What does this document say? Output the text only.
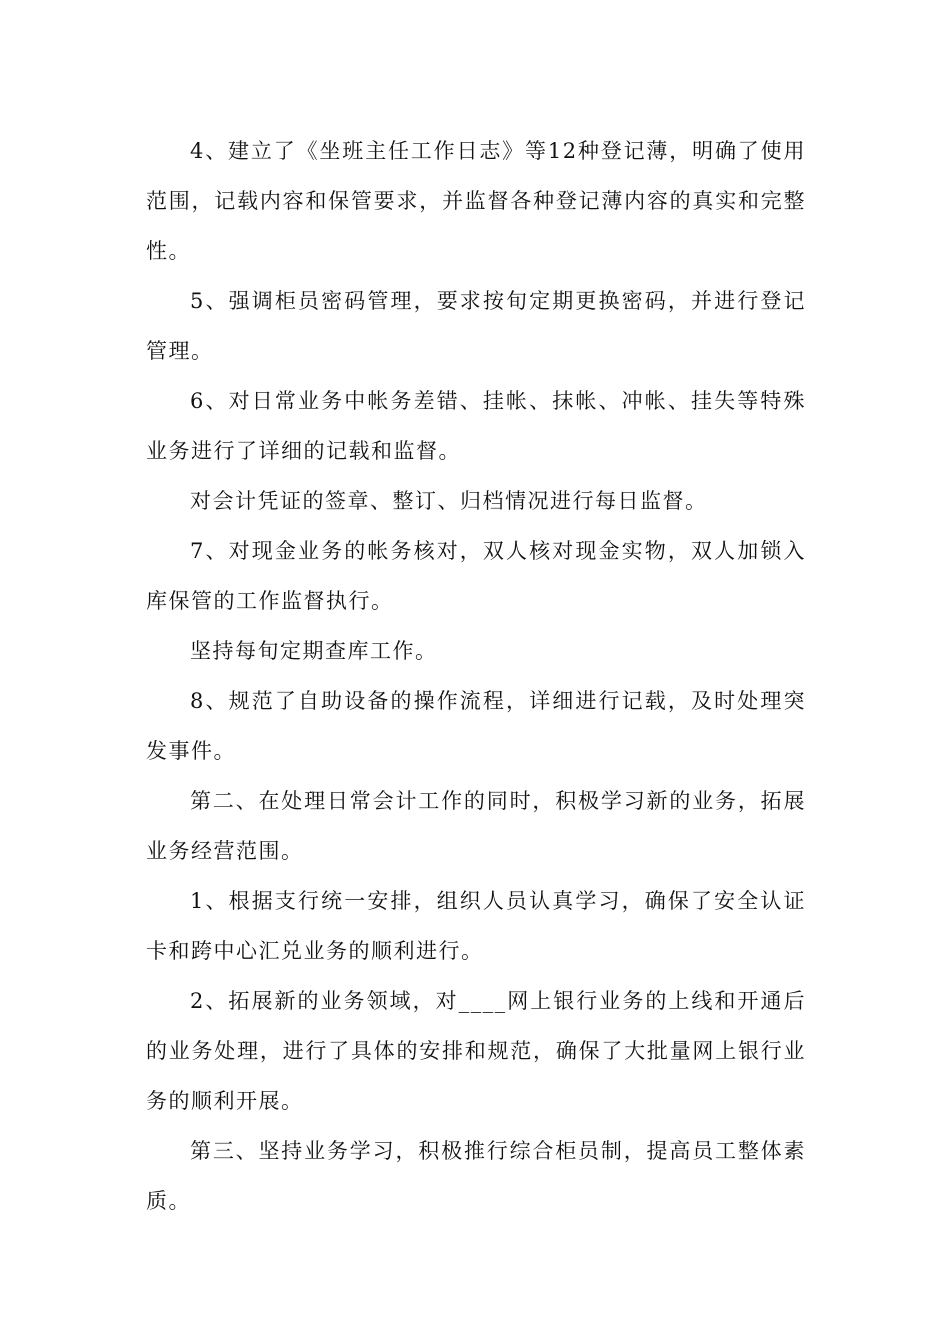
4、建立了《坐班主任工作日志》等12种登记薄，明确了使用范围，记载内容和保管要求，并监督各种登记薄内容的真实和完整性。

5、强调柜员密码管理，要求按旬定期更换密码，并进行登记管理。

6、对日常业务中帐务差错、挂帐、抹帐、冲帐、挂失等特殊业务进行了详细的记载和监督。

对会计凭证的签章、整订、归档情况进行每日监督。

7、对现金业务的帐务核对，双人核对现金实物，双人加锁入库保管的工作监督执行。

坚持每旬定期查库工作。

8、规范了自助设备的操作流程，详细进行记载，及时处理突发事件。

第二、在处理日常会计工作的同时，积极学习新的业务，拓展业务经营范围。

1、根据支行统一安排，组织人员认真学习，确保了安全认证卡和跨中心汇兑业务的顺利进行。

2、拓展新的业务领域，对____网上银行业务的上线和开通后的业务处理，进行了具体的安排和规范，确保了大批量网上银行业务的顺利开展。

第三、坚持业务学习，积极推行综合柜员制，提高员工整体素质。
